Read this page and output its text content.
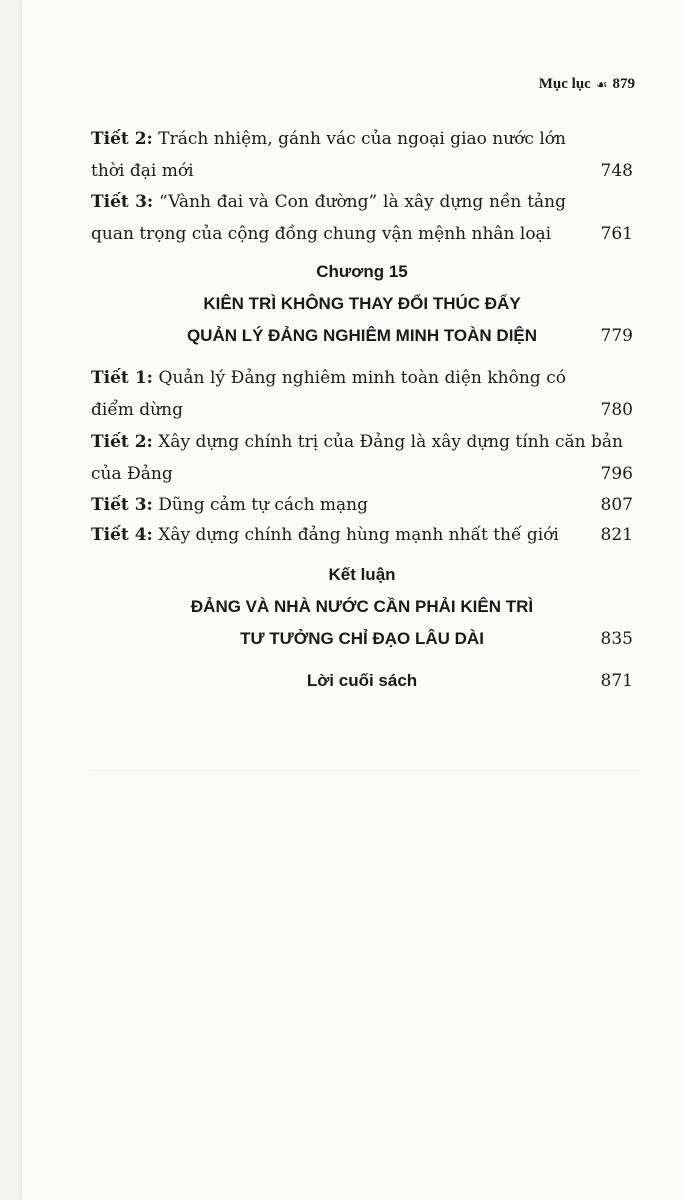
Mục lục ☙ 879
Tiết 2: Trách nhiệm, gánh vác của ngoại giao nước lớn
thời đại mới	748
Tiết 3: “Vành đai và Con đường” là xây dựng nền tảng
quan trọng của cộng đồng chung vận mệnh nhân loại	761
Chương 15
KIÊN TRÌ KHÔNG THAY ĐỔI THÚC ĐẨY
QUẢN LÝ ĐẢNG NGHIÊM MINH TOÀN DIỆN	779
Tiết 1: Quản lý Đảng nghiêm minh toàn diện không có
điểm dừng	780
Tiết 2: Xây dựng chính trị của Đảng là xây dựng tính căn bản
của Đảng	796
Tiết 3: Dũng cảm tự cách mạng	807
Tiết 4: Xây dựng chính đảng hùng mạnh nhất thế giới 821
Kết luận
ĐẢNG VÀ NHÀ NƯỚC CẦN PHẢI KIÊN TRÌ
TƯ TƯỞNG CHỈ ĐẠO LÂU DÀI	835
Lời cuối sách	871
